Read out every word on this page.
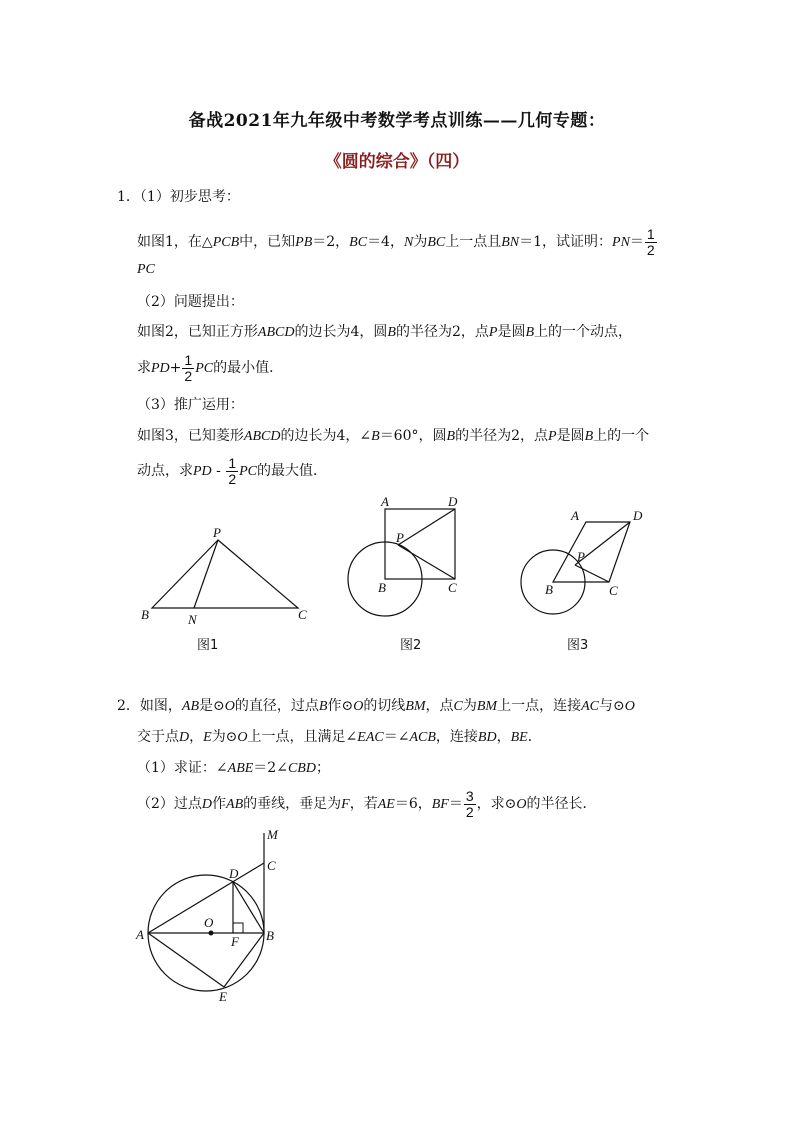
备战2021年九年级中考数学考点训练——几何专题：
《圆的综合》（四）
1．（1）初步思考：
如图1，在△PCB中，已知PB＝2，BC＝4，N为BC上一点且BN＝1，试证明：$PN= \frac{1}{2}$
PC
（2）问题提出：
如图2，已知正方形ABCD的边长为4，圆B的半径为2，点P是圆B上的一个动点，
求$PD+ \frac{1}{2}$ PC的最小值．
（3）推广运用：
如图3，已知菱形ABCD的边长为4，∠B＝60°，圆B的半径为2，点P是圆B上的一个
动点，求PD - $\frac{1}{2}$ PC的最大值．
P
B	N	C
图1
A	D
P
B	C
图2
A	D
P
B	C
图3
M
C
D
O
A	F B
E
2．如图，AB是⊙O的直径，过点B作⊙O的切线BM，点C为BM上一点，连接AC与⊙O
交于点D，E为⊙O上一点，且满足∠EAC＝∠ACB，连接BD，BE．
（1）求证：∠ABE＝2∠CBD；
（2）过点D作AB的垂线，垂足为F，若AE＝6，$BF= \frac{3}{2}$ ，求⊙O的半径长．
